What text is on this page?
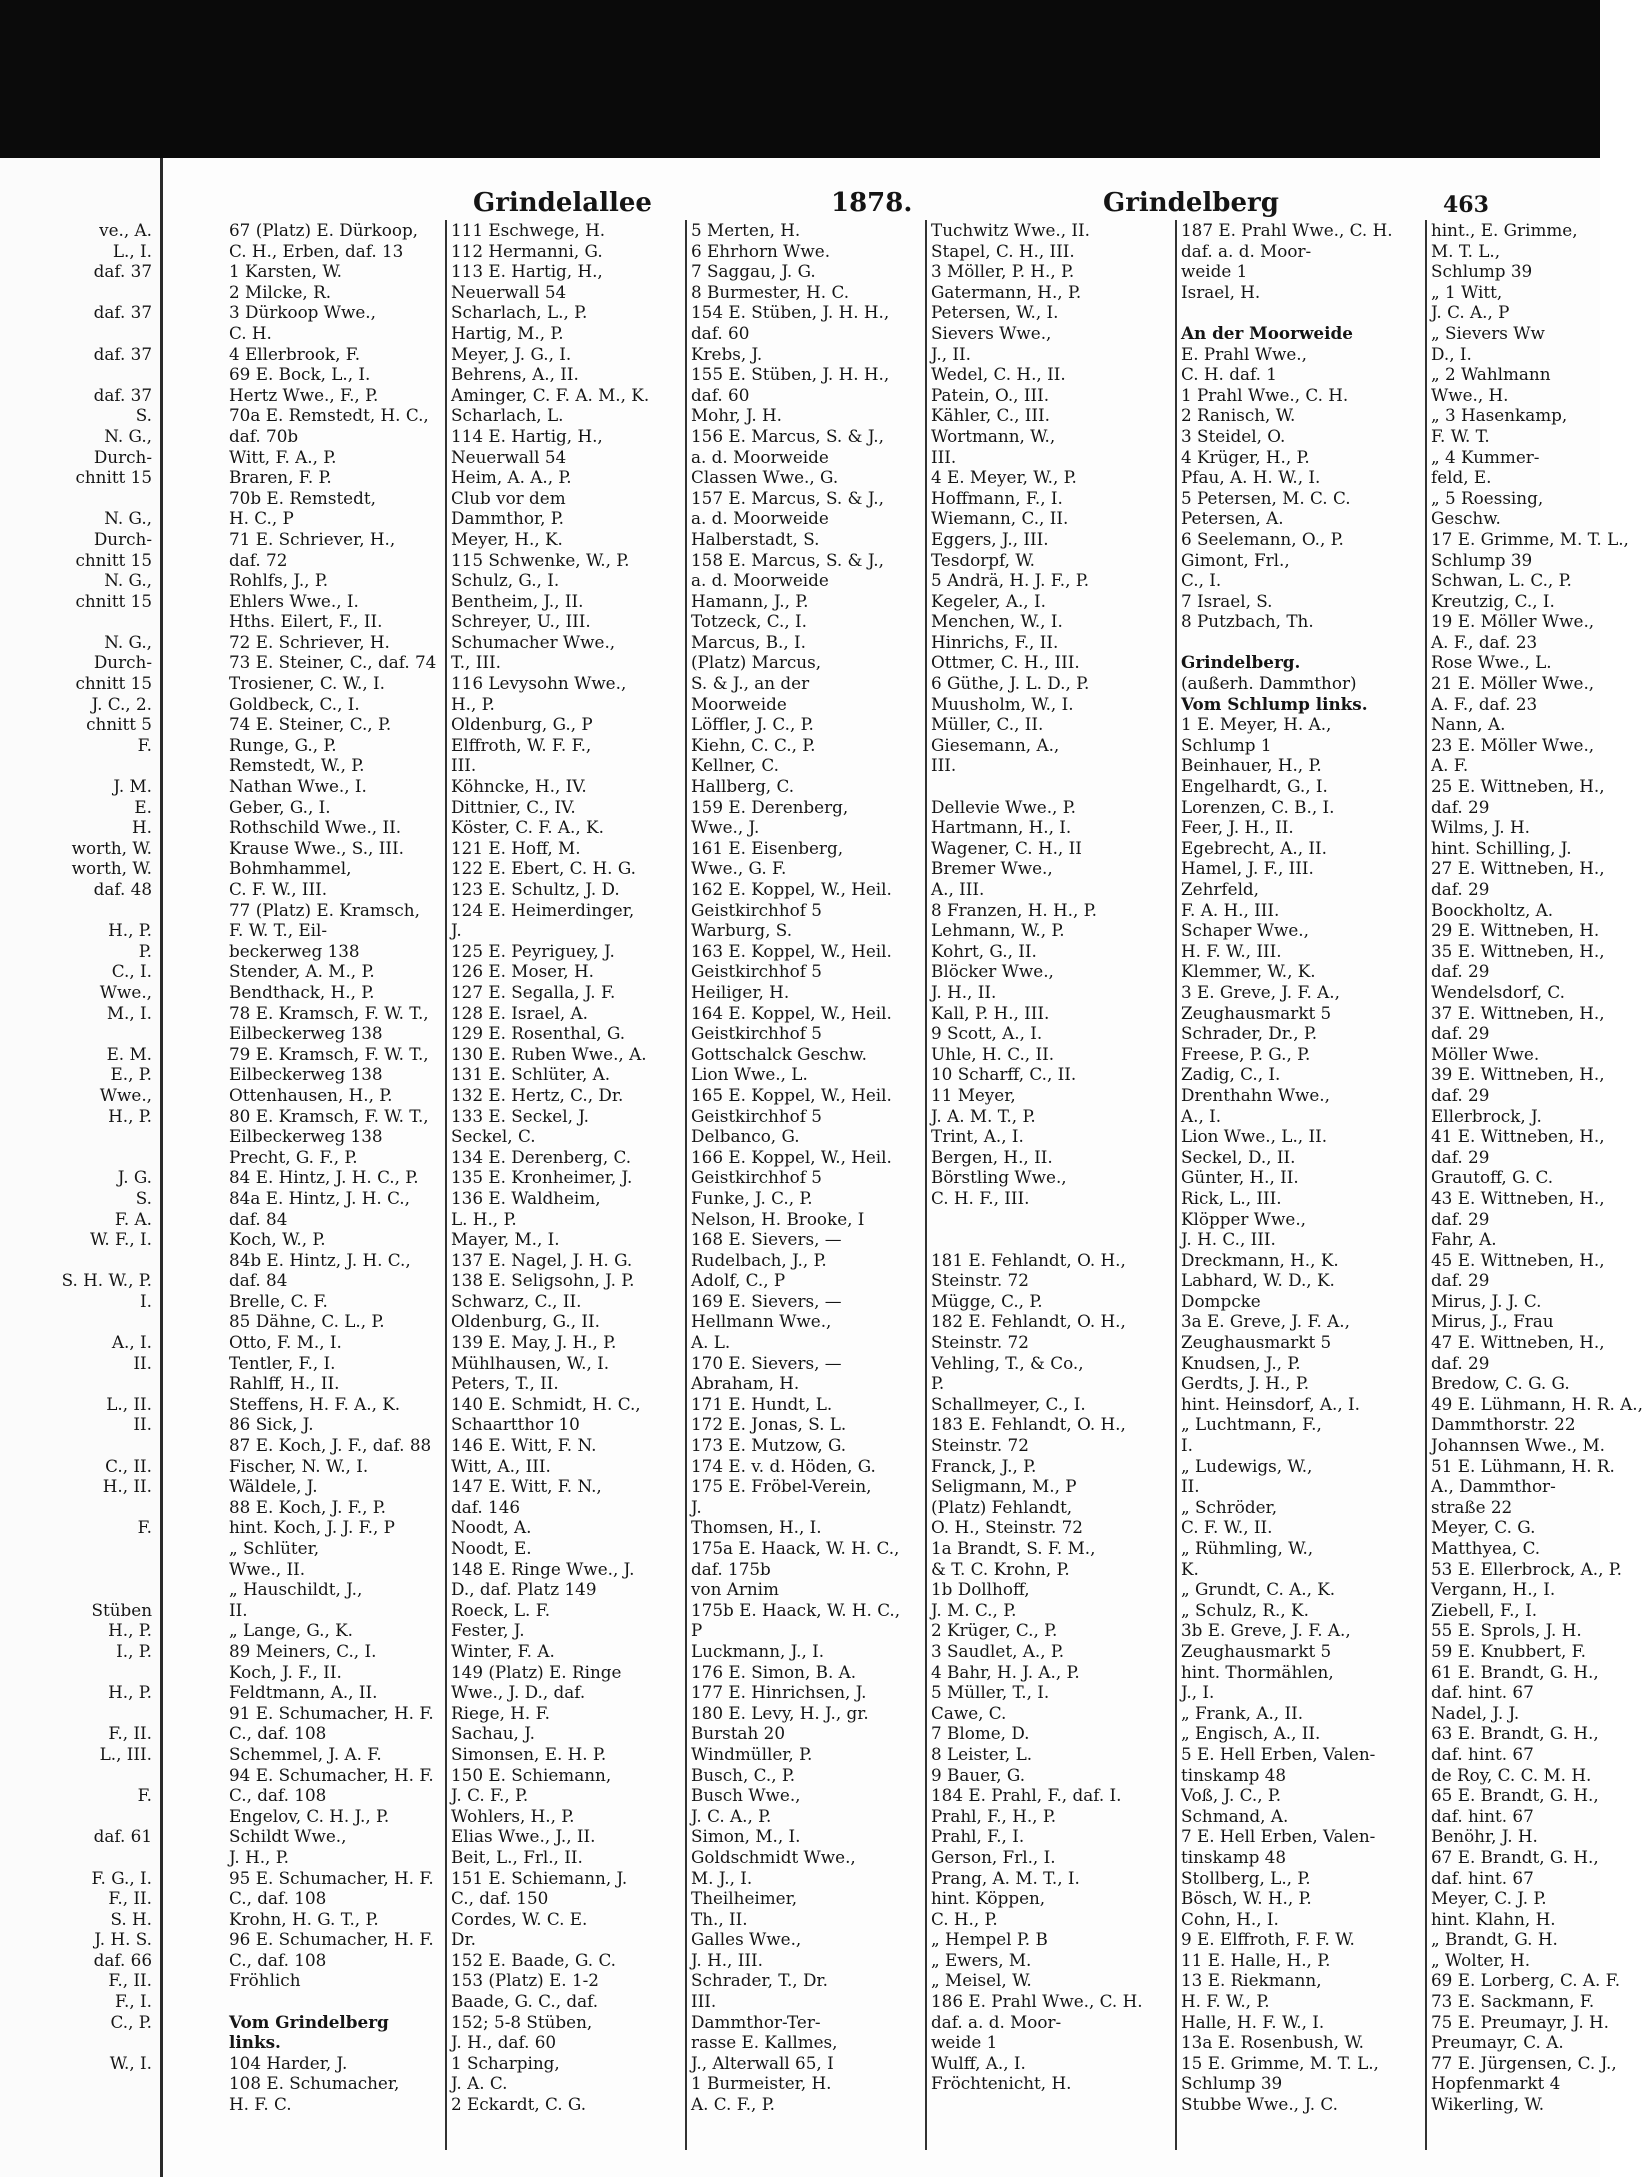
ve., A.
L., I.
daf. 37
daf. 37
daf. 37
daf. 37
S.
N. G.,
Durch-
chnitt 15
N. G.,
Durch-
chnitt 15
N. G.,
chnitt 15
N. G.,
Durch-
chnitt 15
J. C., 2.
chnitt 5
F.
J. M.
E.
H.
worth, W.
worth, W.
daf. 48
H., P.
P.
C., I.
Wwe.,
M., I.
E. M.
E., P.
Wwe.,
H., P.
J. G.
S.
F. A.
W. F., I.
S. H. W., P.
I.
A., I.
II.
L., II.
II.
C., II.
H., II.
F.
Stüben
H., P.
I., P.
H., P.
F., II.
L., III.
F.
daf. 61
F. G., I.
F., II.
S. H.
J. H. S.
daf. 66
F., II.
F., I.
C., P.
W., I.
Grindelallee	1878.	Grindelberg	463
67 (Platz) E. Dürkoop,
C. H., Erben, daf. 13
1 Karsten, W.
2 Milcke, R.
3 Dürkoop Wwe.,
C. H.
4 Ellerbrook, F.
69 E. Bock, L., I.
Hertz Wwe., F., P.
70a E. Remstedt, H. C.,
daf. 70b
Witt, F. A., P.
Braren, F. P.
70b E. Remstedt,
H. C., P
71 E. Schriever, H.,
daf. 72
Rohlfs, J., P.
Ehlers Wwe., I.
Hths. Eilert, F., II.
72 E. Schriever, H.
73 E. Steiner, C., daf. 74
Trosiener, C. W., I.
Goldbeck, C., I.
74 E. Steiner, C., P.
Runge, G., P.
Remstedt, W., P.
Nathan Wwe., I.
Geber, G., I.
Rothschild Wwe., II.
Krause Wwe., S., III.
Bohmhammel,
C. F. W., III.
77 (Platz) E. Kramsch,
F. W. T., Eil-
beckerweg 138
Stender, A. M., P.
Bendthack, H., P.
78 E. Kramsch, F. W. T.,
Eilbeckerweg 138
79 E. Kramsch, F. W. T.,
Eilbeckerweg 138
Ottenhausen, H., P.
80 E. Kramsch, F. W. T.,
Eilbeckerweg 138
Precht, G. F., P.
84 E. Hintz, J. H. C., P.
84a E. Hintz, J. H. C.,
daf. 84
Koch, W., P.
84b E. Hintz, J. H. C.,
daf. 84
Brelle, C. F.
85 Dähne, C. L., P.
Otto, F. M., I.
Tentler, F., I.
Rahlff, H., II.
Steffens, H. F. A., K.
86 Sick, J.
87 E. Koch, J. F., daf. 88
Fischer, N. W., I.
Wäldele, J.
88 E. Koch, J. F., P.
hint. Koch, J. J. F., P
„ Schlüter,
Wwe., II.
„ Hauschildt, J.,
II.
„ Lange, G., K.
89 Meiners, C., I.
Koch, J. F., II.
Feldtmann, A., II.
91 E. Schumacher, H. F.
C., daf. 108
Schemmel, J. A. F.
94 E. Schumacher, H. F.
C., daf. 108
Engelov, C. H. J., P.
Schildt Wwe.,
J. H., P.
95 E. Schumacher, H. F.
C., daf. 108
Krohn, H. G. T., P.
96 E. Schumacher, H. F.
C., daf. 108
Fröhlich
Vom Grindelberg
links.
104 Harder, J.
108 E. Schumacher,
H. F. C.
111 Eschwege, H.
112 Hermanni, G.
113 E. Hartig, H.,
Neuerwall 54
Scharlach, L., P.
Hartig, M., P.
Meyer, J. G., I.
Behrens, A., II.
Aminger, C. F. A. M., K.
Scharlach, L.
114 E. Hartig, H.,
Neuerwall 54
Heim, A. A., P.
Club vor dem
Dammthor, P.
Meyer, H., K.
115 Schwenke, W., P.
Schulz, G., I.
Bentheim, J., II.
Schreyer, U., III.
Schumacher Wwe.,
T., III.
116 Levysohn Wwe.,
H., P.
Oldenburg, G., P
Elffroth, W. F. F.,
III.
Köhncke, H., IV.
Dittnier, C., IV.
Köster, C. F. A., K.
121 E. Hoff, M.
122 E. Ebert, C. H. G.
123 E. Schultz, J. D.
124 E. Heimerdinger,
J.
125 E. Peyriguey, J.
126 E. Moser, H.
127 E. Segalla, J. F.
128 E. Israel, A.
129 E. Rosenthal, G.
130 E. Ruben Wwe., A.
131 E. Schlüter, A.
132 E. Hertz, C., Dr.
133 E. Seckel, J.
Seckel, C.
134 E. Derenberg, C.
135 E. Kronheimer, J.
136 E. Waldheim,
L. H., P.
Mayer, M., I.
137 E. Nagel, J. H. G.
138 E. Seligsohn, J. P.
Schwarz, C., II.
Oldenburg, G., II.
139 E. May, J. H., P.
Mühlhausen, W., I.
Peters, T., II.
140 E. Schmidt, H. C.,
Schaartthor 10
146 E. Witt, F. N.
Witt, A., III.
147 E. Witt, F. N.,
daf. 146
Noodt, A.
Noodt, E.
148 E. Ringe Wwe., J.
D., daf. Platz 149
Roeck, L. F.
Fester, J.
Winter, F. A.
149 (Platz) E. Ringe
Wwe., J. D., daf.
Riege, H. F.
Sachau, J.
Simonsen, E. H. P.
150 E. Schiemann,
J. C. F., P.
Wohlers, H., P.
Elias Wwe., J., II.
Beit, L., Frl., II.
151 E. Schiemann, J.
C., daf. 150
Cordes, W. C. E.
Dr.
152 E. Baade, G. C.
153 (Platz) E. 1-2
Baade, G. C., daf.
152; 5-8 Stüben,
J. H., daf. 60
1 Scharping,
J. A. C.
2 Eckardt, C. G.
5 Merten, H.
6 Ehrhorn Wwe.
7 Saggau, J. G.
8 Burmester, H. C.
154 E. Stüben, J. H. H.,
daf. 60
Krebs, J.
155 E. Stüben, J. H. H.,
daf. 60
Mohr, J. H.
156 E. Marcus, S. & J.,
a. d. Moorweide
Classen Wwe., G.
157 E. Marcus, S. & J.,
a. d. Moorweide
Halberstadt, S.
158 E. Marcus, S. & J.,
a. d. Moorweide
Hamann, J., P.
Totzeck, C., I.
Marcus, B., I.
(Platz) Marcus,
S. & J., an der
Moorweide
Löffler, J. C., P.
Kiehn, C. C., P.
Kellner, C.
Hallberg, C.
159 E. Derenberg,
Wwe., J.
161 E. Eisenberg,
Wwe., G. F.
162 E. Koppel, W., Heil.
Geistkirchhof 5
Warburg, S.
163 E. Koppel, W., Heil.
Geistkirchhof 5
Heiliger, H.
164 E. Koppel, W., Heil.
Geistkirchhof 5
Gottschalck Geschw.
Lion Wwe., L.
165 E. Koppel, W., Heil.
Geistkirchhof 5
Delbanco, G.
166 E. Koppel, W., Heil.
Geistkirchhof 5
Funke, J. C., P.
Nelson, H. Brooke, I
168 E. Sievers, —
Rudelbach, J., P.
Adolf, C., P
169 E. Sievers, —
Hellmann Wwe.,
A. L.
170 E. Sievers, —
Abraham, H.
171 E. Hundt, L.
172 E. Jonas, S. L.
173 E. Mutzow, G.
174 E. v. d. Höden, G.
175 E. Fröbel-Verein,
J.
Thomsen, H., I.
175a E. Haack, W. H. C.,
daf. 175b
von Arnim
175b E. Haack, W. H. C.,
P
Luckmann, J., I.
176 E. Simon, B. A.
177 E. Hinrichsen, J.
180 E. Levy, H. J., gr.
Burstah 20
Windmüller, P.
Busch, C., P.
Busch Wwe.,
J. C. A., P.
Simon, M., I.
Goldschmidt Wwe.,
M. J., I.
Theilheimer,
Th., II.
Galles Wwe.,
J. H., III.
Schrader, T., Dr.
III.
Dammthor-Ter-
rasse E. Kallmes,
J., Alterwall 65, I
1 Burmeister, H.
A. C. F., P.
Tuchwitz Wwe., II.
Stapel, C. H., III.
3 Möller, P. H., P.
Gatermann, H., P.
Petersen, W., I.
Sievers Wwe.,
J., II.
Wedel, C. H., II.
Patein, O., III.
Kähler, C., III.
Wortmann, W.,
III.
4 E. Meyer, W., P.
Hoffmann, F., I.
Wiemann, C., II.
Eggers, J., III.
Tesdorpf, W.
5 Andrä, H. J. F., P.
Kegeler, A., I.
Menchen, W., I.
Hinrichs, F., II.
Ottmer, C. H., III.
6 Güthe, J. L. D., P.
Muusholm, W., I.
Müller, C., II.
Giesemann, A.,
III.
Dellevie Wwe., P.
Hartmann, H., I.
Wagener, C. H., II
Bremer Wwe.,
A., III.
8 Franzen, H. H., P.
Lehmann, W., P.
Kohrt, G., II.
Blöcker Wwe.,
J. H., II.
Kall, P. H., III.
9 Scott, A., I.
Uhle, H. C., II.
10 Scharff, C., II.
11 Meyer,
J. A. M. T., P.
Trint, A., I.
Bergen, H., II.
Börstling Wwe.,
C. H. F., III.
181 E. Fehlandt, O. H.,
Steinstr. 72
Mügge, C., P.
182 E. Fehlandt, O. H.,
Steinstr. 72
Vehling, T., & Co.,
P.
Schallmeyer, C., I.
183 E. Fehlandt, O. H.,
Steinstr. 72
Franck, J., P.
Seligmann, M., P
(Platz) Fehlandt,
O. H., Steinstr. 72
1a Brandt, S. F. M.,
& T. C. Krohn, P.
1b Dollhoff,
J. M. C., P.
2 Krüger, C., P.
3 Saudlet, A., P.
4 Bahr, H. J. A., P.
5 Müller, T., I.
Cawe, C.
7 Blome, D.
8 Leister, L.
9 Bauer, G.
184 E. Prahl, F., daf. I.
Prahl, F., H., P.
Prahl, F., I.
Gerson, Frl., I.
Prang, A. M. T., I.
hint. Köppen,
C. H., P.
„ Hempel P. B
„ Ewers, M.
„ Meisel, W.
186 E. Prahl Wwe., C. H.
daf. a. d. Moor-
weide 1
Wulff, A., I.
Fröchtenicht, H.
187 E. Prahl Wwe., C. H.
daf. a. d. Moor-
weide 1
Israel, H.
An der Moorweide
E. Prahl Wwe.,
C. H. daf. 1
1 Prahl Wwe., C. H.
2 Ranisch, W.
3 Steidel, O.
4 Krüger, H., P.
Pfau, A. H. W., I.
5 Petersen, M. C. C.
Petersen, A.
6 Seelemann, O., P.
Gimont, Frl.,
C., I.
7 Israel, S.
8 Putzbach, Th.
Grindelberg.
(außerh. Dammthor)
Vom Schlump links.
1 E. Meyer, H. A.,
Schlump 1
Beinhauer, H., P.
Engelhardt, G., I.
Lorenzen, C. B., I.
Feer, J. H., II.
Egebrecht, A., II.
Hamel, J. F., III.
Zehrfeld,
F. A. H., III.
Schaper Wwe.,
H. F. W., III.
Klemmer, W., K.
3 E. Greve, J. F. A.,
Zeughausmarkt 5
Schrader, Dr., P.
Freese, P. G., P.
Zadig, C., I.
Drenthahn Wwe.,
A., I.
Lion Wwe., L., II.
Seckel, D., II.
Günter, H., II.
Rick, L., III.
Klöpper Wwe.,
J. H. C., III.
Dreckmann, H., K.
Labhard, W. D., K.
Dompcke
3a E. Greve, J. F. A.,
Zeughausmarkt 5
Knudsen, J., P.
Gerdts, J. H., P.
hint. Heinsdorf, A., I.
„ Luchtmann, F.,
I.
„ Ludewigs, W.,
II.
„ Schröder,
C. F. W., II.
„ Rühmling, W.,
K.
„ Grundt, C. A., K.
„ Schulz, R., K.
3b E. Greve, J. F. A.,
Zeughausmarkt 5
hint. Thormählen,
J., I.
„ Frank, A., II.
„ Engisch, A., II.
5 E. Hell Erben, Valen-
tinskamp 48
Voß, J. C., P.
Schmand, A.
7 E. Hell Erben, Valen-
tinskamp 48
Stollberg, L., P.
Bösch, W. H., P.
Cohn, H., I.
9 E. Elffroth, F. F. W.
11 E. Halle, H., P.
13 E. Riekmann,
H. F. W., P.
Halle, H. F. W., I.
13a E. Rosenbush, W.
15 E. Grimme, M. T. L.,
Schlump 39
Stubbe Wwe., J. C.
hint., E. Grimme,
M. T. L.,
Schlump 39
„ 1 Witt,
J. C. A., P
„ Sievers Ww
D., I.
„ 2 Wahlmann
Wwe., H.
„ 3 Hasenkamp,
F. W. T.
„ 4 Kummer-
feld, E.
„ 5 Roessing,
Geschw.
17 E. Grimme, M. T. L.,
Schlump 39
Schwan, L. C., P.
Kreutzig, C., I.
19 E. Möller Wwe.,
A. F., daf. 23
Rose Wwe., L.
21 E. Möller Wwe.,
A. F., daf. 23
Nann, A.
23 E. Möller Wwe.,
A. F.
25 E. Wittneben, H.,
daf. 29
Wilms, J. H.
hint. Schilling, J.
27 E. Wittneben, H.,
daf. 29
Boockholtz, A.
29 E. Wittneben, H.
35 E. Wittneben, H.,
daf. 29
Wendelsdorf, C.
37 E. Wittneben, H.,
daf. 29
Möller Wwe.
39 E. Wittneben, H.,
daf. 29
Ellerbrock, J.
41 E. Wittneben, H.,
daf. 29
Grautoff, G. C.
43 E. Wittneben, H.,
daf. 29
Fahr, A.
45 E. Wittneben, H.,
daf. 29
Mirus, J. J. C.
Mirus, J., Frau
47 E. Wittneben, H.,
daf. 29
Bredow, C. G. G.
49 E. Lühmann, H. R. A.,
Dammthorstr. 22
Johannsen Wwe., M.
51 E. Lühmann, H. R.
A., Dammthor-
straße 22
Meyer, C. G.
Matthyea, C.
53 E. Ellerbrock, A., P.
Vergann, H., I.
Ziebell, F., I.
55 E. Sprols, J. H.
59 E. Knubbert, F.
61 E. Brandt, G. H.,
daf. hint. 67
Nadel, J. J.
63 E. Brandt, G. H.,
daf. hint. 67
de Roy, C. C. M. H.
65 E. Brandt, G. H.,
daf. hint. 67
Benöhr, J. H.
67 E. Brandt, G. H.,
daf. hint. 67
Meyer, C. J. P.
hint. Klahn, H.
„ Brandt, G. H.
„ Wolter, H.
69 E. Lorberg, C. A. F.
73 E. Sackmann, F.
75 E. Preumayr, J. H.
Preumayr, C. A.
77 E. Jürgensen, C. J.,
Hopfenmarkt 4
Wikerling, W.
